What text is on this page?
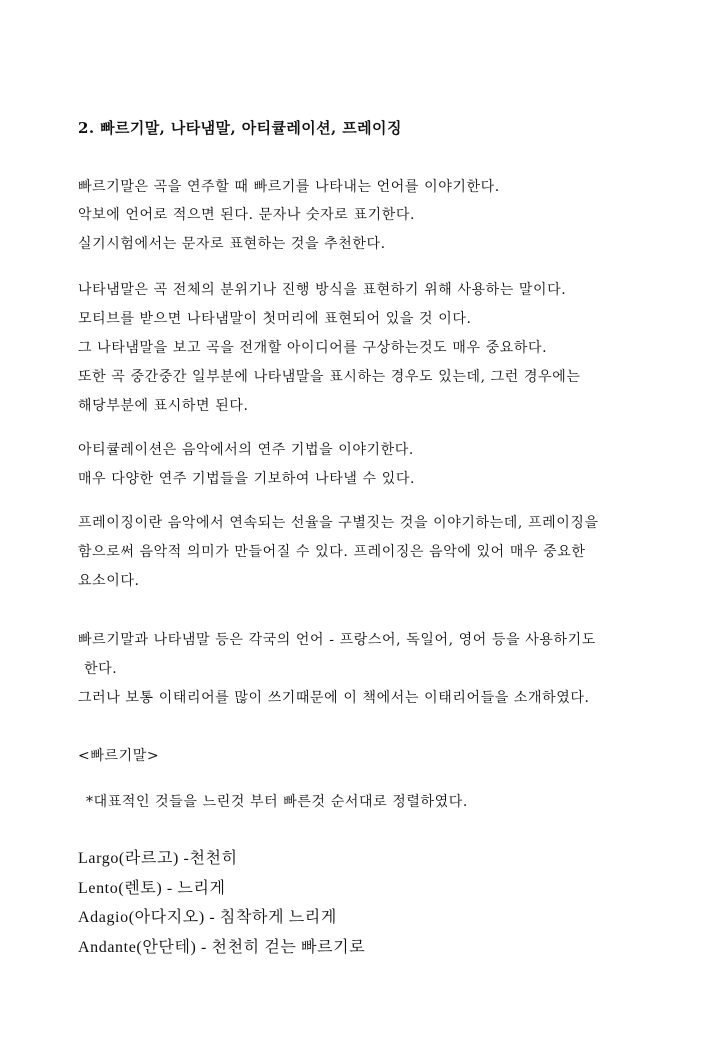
2. 빠르기말, 나타냄말, 아티큘레이션, 프레이징
빠르기말은 곡을 연주할 때 빠르기를 나타내는 언어를 이야기한다.
악보에 언어로 적으면 된다. 문자나 숫자로 표기한다.
실기시험에서는 문자로 표현하는 것을 추천한다.
나타냄말은 곡 전체의 분위기나 진행 방식을 표현하기 위해 사용하는 말이다.
모티브를 받으면 나타냄말이 첫머리에 표현되어 있을 것 이다.
그 나타냄말을 보고 곡을 전개할 아이디어를 구상하는것도 매우 중요하다.
또한 곡 중간중간 일부분에 나타냄말을 표시하는 경우도 있는데, 그런 경우에는
해당부분에 표시하면 된다.
아티큘레이션은 음악에서의 연주 기법을 이야기한다.
매우 다양한 연주 기법들을 기보하여 나타낼 수 있다.
프레이징이란 음악에서 연속되는 선율을 구별짓는 것을 이야기하는데, 프레이징을
함으로써 음악적 의미가 만들어질 수 있다. 프레이징은 음악에 있어 매우 중요한
요소이다.
빠르기말과 나타냄말 등은 각국의 언어 - 프랑스어, 독일어, 영어 등을 사용하기도
한다.
그러나 보통 이태리어를 많이 쓰기때문에 이 책에서는 이태리어들을 소개하였다.
<빠르기말>
*대표적인 것들을 느린것 부터 빠른것 순서대로 정렬하였다.
Largo(라르고) -천천히
Lento(렌토) - 느리게
Adagio(아다지오) - 침착하게 느리게
Andante(안단테) - 천천히 걷는 빠르기로
